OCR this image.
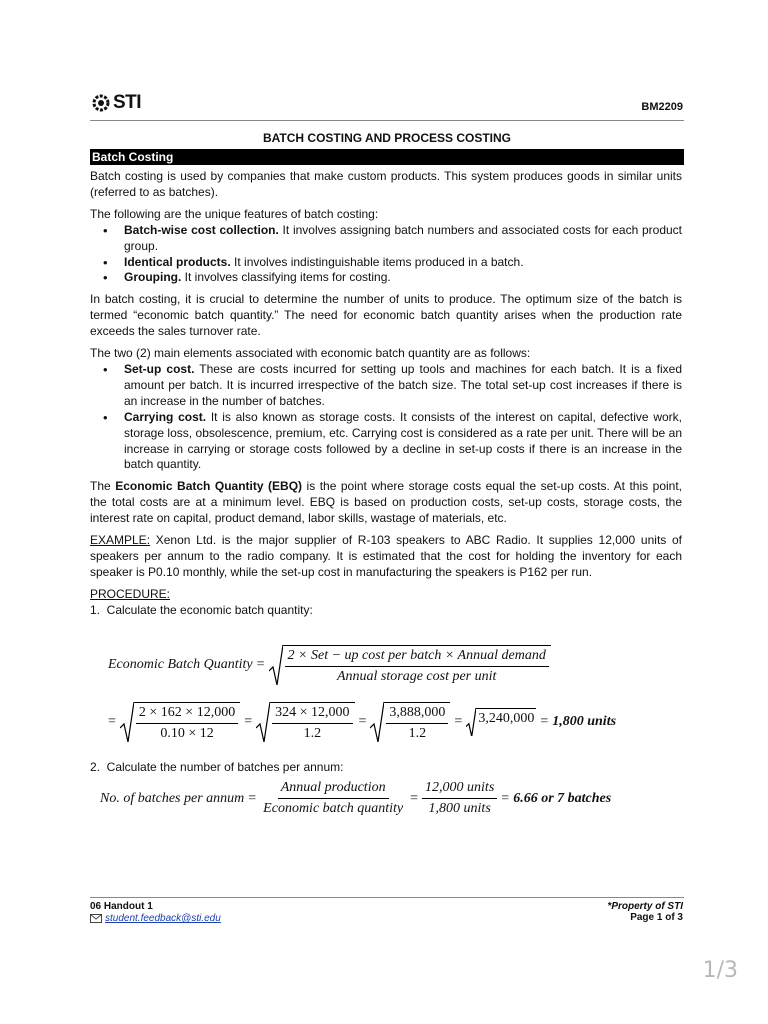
STI	BM2209
BATCH COSTING AND PROCESS COSTING
Batch Costing

Batch costing is used by companies that make custom products. This system produces goods in similar units (referred to as batches).

The following are the unique features of batch costing:

• Batch-wise cost collection. It involves assigning batch numbers and associated costs for each product group.
• Identical products. It involves indistinguishable items produced in a batch.
• Grouping. It involves classifying items for costing.

In batch costing, it is crucial to determine the number of units to produce. The optimum size of the batch is termed “economic batch quantity.” The need for economic batch quantity arises when the production rate exceeds the sales turnover rate.

The two (2) main elements associated with economic batch quantity are as follows:

• Set-up cost. These are costs incurred for setting up tools and machines for each batch. It is a fixed amount per batch. It is incurred irrespective of the batch size. The total set-up cost increases if there is an increase in the number of batches.
• Carrying cost. It is also known as storage costs. It consists of the interest on capital, defective work, storage loss, obsolescence, premium, etc. Carrying cost is considered as a rate per unit. There will be an increase in carrying or storage costs followed by a decline in set-up costs if there is an increase in the batch quantity.

The Economic Batch Quantity (EBQ) is the point where storage costs equal the set-up costs. At this point, the total costs are at a minimum level. EBQ is based on production costs, set-up costs, storage costs, the interest rate on capital, product demand, labor skills, wastage of materials, etc.

EXAMPLE: Xenon Ltd. is the major supplier of R-103 speakers to ABC Radio. It supplies 12,000 units of speakers per annum to the radio company. It is estimated that the cost for holding the inventory for each speaker is P0.10 monthly, while the set-up cost in manufacturing the speakers is P162 per run.

PROCEDURE:

1.  Calculate the economic batch quantity:

Economic Batch Quantity = $\frac{\text{2 × Set − up cost per batch × Annual demand}}{\text{Annual storage cost per unit}}$
= $\frac{2 \times 162 \times 12,000}{0.10 \times 12} = \frac{324 \times 12,000}{1.2} = \frac{3,888,000}{1.2} = 3,240,000 = 1,800$ units
2.  Calculate the number of batches per annum:
No. of batches per annum = $\frac{\text{Annual production}}{\text{Economic batch quantity}} = \frac{\text{12,000 units}}{\text{1,800 units}} = 6.66$ or 7 batches
06 Handout 1
student.feedback@sti.edu
*Property of STI
Page 1 of 3
1/3
